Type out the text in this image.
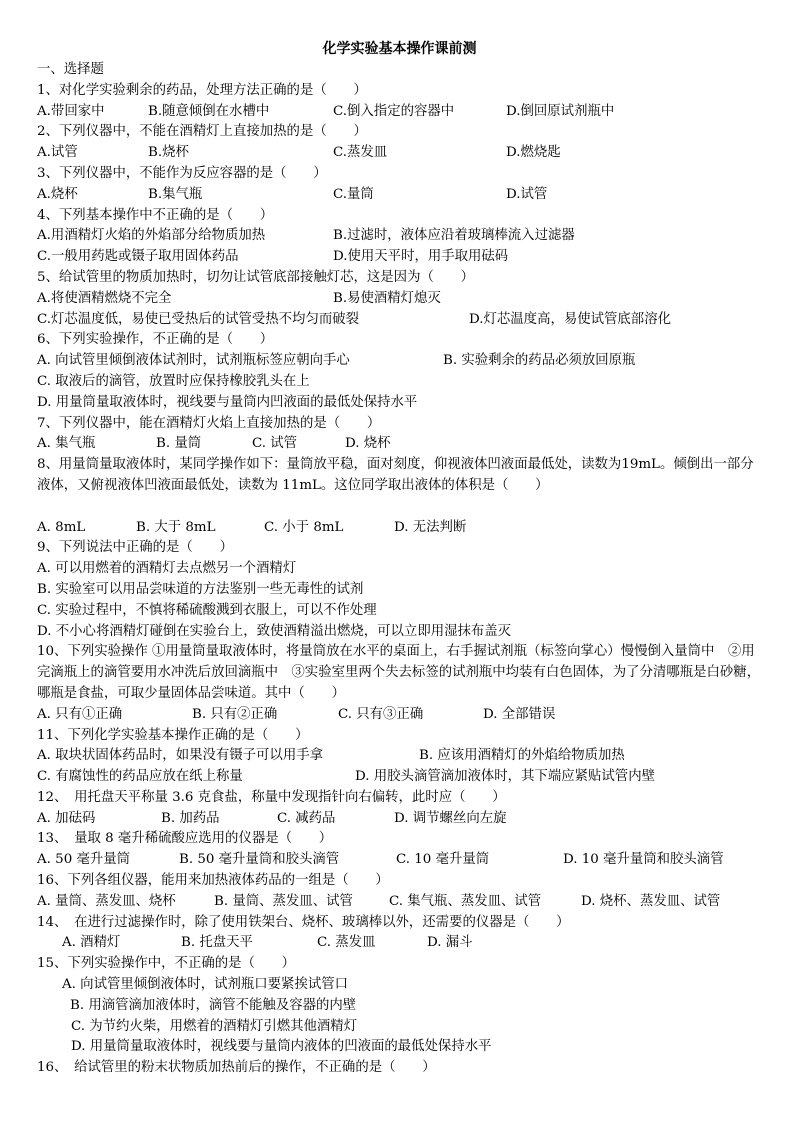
化学实验基本操作课前测
一、选择题
1、对化学实验剩余的药品，处理方法正确的是（　　）
A.带回家中	B.随意倾倒在水槽中	C.倒入指定的容器中	D.倒回原试剂瓶中
2、下列仪器中，不能在酒精灯上直接加热的是（　　）
A.试管	B.烧杯	C.蒸发皿	D.燃烧匙
3、下列仪器中，不能作为反应容器的是（　　）
A.烧杯	B.集气瓶	C.量筒	D.试管
4、下列基本操作中不正确的是（　　）
A.用酒精灯火焰的外焰部分给物质加热	B.过滤时，液体应沿着玻璃棒流入过滤器
C.一般用药匙或镊子取用固体药品	D.使用天平时，用手取用砝码
5、给试管里的物质加热时，切勿让试管底部接触灯芯，这是因为（　　）
A.将使酒精燃烧不完全	B.易使酒精灯熄灭
C.灯芯温度低，易使已受热后的试管受热不均匀而破裂	D.灯芯温度高，易使试管底部溶化
6、下列实验操作，不正确的是（　　）
A. 向试管里倾倒液体试剂时，试剂瓶标签应朝向手心	B. 实验剩余的药品必须放回原瓶
C. 取液后的滴管，放置时应保持橡胶乳头在上
D. 用量筒量取液体时，视线要与量筒内凹液面的最低处保持水平
7、下列仪器中，能在酒精灯火焰上直接加热的是（　　）
A. 集气瓶	B. 量筒	C. 试管	D. 烧杯
8、用量筒量取液体时，某同学操作如下：量筒放平稳，面对刻度，仰视液体凹液面最低处，读数为19mL。倾倒出一部分液体，又俯视液体凹液面最低处，读数为 11mL。这位同学取出液体的体积是（　　）
A. 8mL	B. 大于 8mL	C. 小于 8mL	D. 无法判断
9、下列说法中正确的是（　　）
A. 可以用燃着的酒精灯去点燃另一个酒精灯
B. 实验室可以用品尝味道的方法鉴别一些无毒性的试剂
C. 实验过程中，不慎将稀硫酸溅到衣服上，可以不作处理
D. 不小心将酒精灯碰倒在实验台上，致使酒精溢出燃烧，可以立即用湿抹布盖灭
10、下列实验操作 ①用量筒量取液体时，将量筒放在水平的桌面上，右手握试剂瓶（标签向掌心）慢慢倒入量筒中　②用完滴瓶上的滴管要用水冲洗后放回滴瓶中　③实验室里两个失去标签的试剂瓶中均装有白色固体，为了分清哪瓶是白砂糖，哪瓶是食盐，可取少量固体品尝味道。其中（　　）
A. 只有①正确	B. 只有②正确	C. 只有③正确	D. 全部错误
11、下列化学实验基本操作正确的是（　　）
A. 取块状固体药品时，如果没有镊子可以用手拿	B. 应该用酒精灯的外焰给物质加热
C. 有腐蚀性的药品应放在纸上称量	D. 用胶头滴管滴加液体时，其下端应紧贴试管内壁
12、　用托盘天平称量 3.6 克食盐，称量中发现指针向右偏转，此时应（　　）
A. 加砝码	B. 加药品	C. 减药品	D. 调节螺丝向左旋
13、　量取 8 毫升稀硫酸应选用的仪器是（　　）
A. 50 毫升量筒	B. 50 毫升量筒和胶头滴管	C. 10 毫升量筒	D. 10 毫升量筒和胶头滴管
16、下列各组仪器，能用来加热液体药品的一组是（　　）
A. 量筒、蒸发皿、烧杯	B. 量筒、蒸发皿、试管	C. 集气瓶、蒸发皿、试管	D. 烧杯、蒸发皿、试管
14、　在进行过滤操作时，除了使用铁架台、烧杯、玻璃棒以外，还需要的仪器是（　　）
A. 酒精灯	B. 托盘天平	C. 蒸发皿	D. 漏斗
15、下列实验操作中，不正确的是（　　）
A. 向试管里倾倒液体时，试剂瓶口要紧挨试管口
B. 用滴管滴加液体时，滴管不能触及容器的内壁
C. 为节约火柴，用燃着的酒精灯引燃其他酒精灯
D. 用量筒量取液体时，视线要与量筒内液体的凹液面的最低处保持水平
16、　给试管里的粉末状物质加热前后的操作，不正确的是（　　）
